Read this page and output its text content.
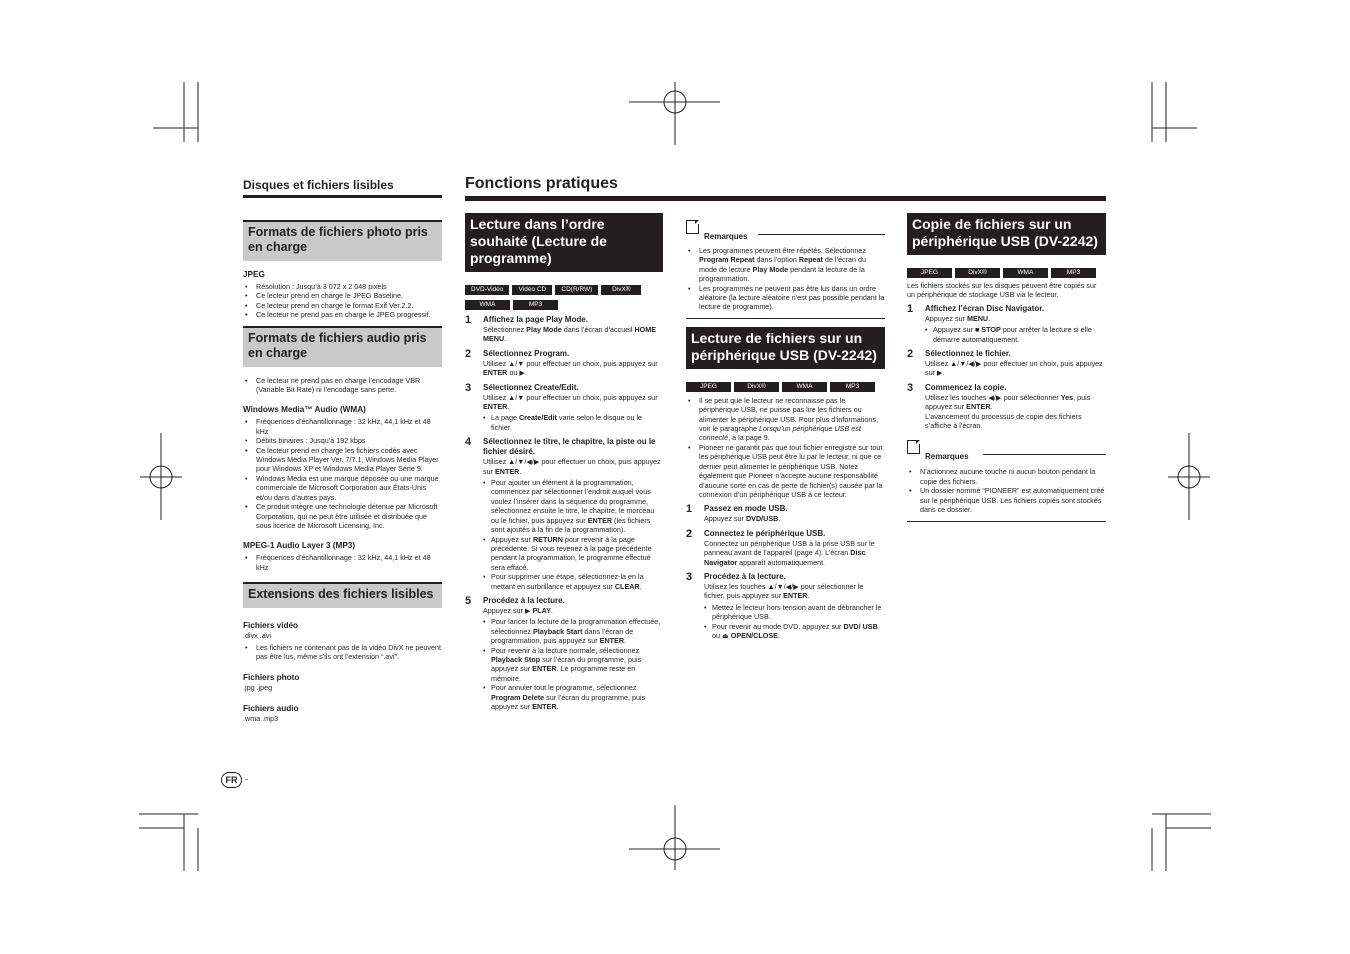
Disques et fichiers lisibles
Formats de fichiers photo pris en charge
JPEG
• Résolution : Jusqu’à 3 072 x 2 048 pixels
• Ce lecteur prend en charge le JPEG Baseline.
• Ce lecteur prend en charge le format Exif Ver.2.2.
• Ce lecteur ne prend pas en charge le JPEG progressif.
Formats de fichiers audio pris en charge
• Ce lecteur ne prend pas en charge l’encodage VBR (Variable Bit Rate) ni l’encodage sans perte.
Windows Media™ Audio (WMA)
• Fréquences d’échantillonnage : 32 kHz, 44,1 kHz et 48 kHz
• Débits binaires : Jusqu’à 192 kbps
• Ce lecteur prend en charge les fichiers codés avec Windows Media Player Ver. 7/7.1, Windows Media Player pour Windows XP et Windows Media Player Série 9.
• Windows Media est une marque déposée ou une marque commerciale de Microsoft Corporation aux États-Unis et/ou dans d’autres pays.
• Ce produit intègre une technologie détenue par Microsoft Corporation, qui ne peut être utilisée et distribuée que sous licence de Microsoft Licensing, Inc.
MPEG-1 Audio Layer 3 (MP3)
• Fréquences d’échantillonnage : 32 kHz, 44,1 kHz et 48 kHz
Extensions des fichiers lisibles
Fichiers vidéo
.divx .avi
• Les fichiers ne contenant pas de la vidéo DivX ne peuvent pas être lus, même s’ils ont l’extension “.avi”.
Fichiers photo
.jpg .jpeg
Fichiers audio
.wma .mp3
Fonctions pratiques
Lecture dans l’ordre souhaité (Lecture de programme)
DVD-Vidéo Vidéo CD CD(R/RW)	DivX®
WMA	MP3
1 Affichez la page Play Mode.
Sélectionnez Play Mode dans l’écran d’accueil HOME MENU.
2 Sélectionnez Program.
Utilisez ▲/▼ pour effectuer un choix, puis appuyez sur ENTER ou ▶.
3 Sélectionnez Create/Edit.
Utilisez ▲/▼ pour effectuer un choix, puis appuyez sur ENTER.
• La page Create/Edit varie selon le disque ou le fichier.
4 Sélectionnez le titre, le chapitre, la piste ou le fichier désiré.
Utilisez ▲/▼/◀/▶ pour effectuer un choix, puis appuyez sur ENTER.
• Pour ajouter un élément à la programmation, commencez par sélectionner l’endroit auquel vous voulez l’insérer dans la séquence du programme, sélectionnez ensuite le titre, le chapitre, le morceau ou le fichier, puis appuyez sur ENTER (les fichiers sont ajoutés à la fin de la programmation).
• Appuyez sur RETURN pour revenir à la page précédente. Si vous revenez à la page précédente pendant la programmation, le programme effectué sera effacé.
• Pour supprimer une étape, sélectionnez-la en la mettant en surbrillance et appuyez sur CLEAR.
5 Procédez à la lecture.
Appuyez sur ▶ PLAY.
• Pour lancer la lecture de la programmation effectuée, sélectionnez Playback Start dans l’écran de programmation, puis appuyez sur ENTER.
• Pour revenir à la lecture normale, sélectionnez Playback Stop sur l’écran du programme, puis appuyez sur ENTER. Le programme reste en mémoire.
• Pour annuler tout le programme, sélectionnez Program Delete sur l’écran du programme, puis appuyez sur ENTER.
Remarques
• Les programmes peuvent être répétés. Sélectionnez Program Repeat dans l’option Repeat de l’écran du mode de lecture Play Mode pendant la lecture de la programmation.
• Les programmes ne peuvent pas être lus dans un ordre aléatoire (la lecture aléatoire n’est pas possible pendant la lecture de programme).
Lecture de fichiers sur un périphérique USB (DV-2242)
JPEG	DivX®	WMA	MP3
• Il se peut que le lecteur ne reconnaisse pas le périphérique USB, ne puisse pas lire les fichiers ou alimenter le périphérique USB. Pour plus d’informations, voir le paragraphe Lorsqu’un périphérique USB est connecté, à la page 9.
• Pioneer ne garantit pas que tout fichier enregistré sur tout les périphérique USB peut être lu par le lecteur, ni que ce dernier peut alimenter le périphérique USB. Notez également que Pioneer n’accepte aucune responsabilité d’aucune sorte en cas de perte de fichier(s) causée par la connexion d’un périphérique USB à ce lecteur.
1 Passez en mode USB.
Appuyez sur DVD/USB.
2 Connectez le périphérique USB.
Connectez un périphérique USB à la prise USB sur le panneau avant de l’appareil (page 4). L’écran Disc Navigator apparaît automatiquement.
3 Procédez à la lecture.
Utilisez les touches ▲/▼/◀/▶ pour sélectionner le fichier, puis appuyez sur ENTER.
• Mettez le lecteur hors tension avant de débrancher le périphérique USB.
• Pour revenir au mode DVD, appuyez sur DVD/ USB ou ⏏ OPEN/CLOSE.
Copie de fichiers sur un périphérique USB (DV-2242)
JPEG	DivX®	WMA	MP3
Les fichiers stockés sur les disques peuvent être copiés sur un périphérique de stockage USB via le lecteur.
1 Affichez l’écran Disc Navigator.
Appuyez sur MENU.
• Appuyez sur ■ STOP pour arrêter la lecture si elle démarre automatiquement.
2 Sélectionnez le fichier.
Utilisez ▲/▼/◀/▶ pour effectuer un choix, puis appuyez sur ▶.
3 Commencez la copie.
Utilisez les touches ◀/▶ pour sélectionner Yes, puis appuyez sur ENTER.
L’avancement du processus de copie des fichiers s’affiche à l’écran.
Remarques
• N’actionnez aucune touche ni aucun bouton pendant la copie des fichiers.
• Un dossier nommé “PIONEER” est automatiquement créé sur le périphérique USB. Les fichiers copiés sont stockés dans ce dossier.
FR -
